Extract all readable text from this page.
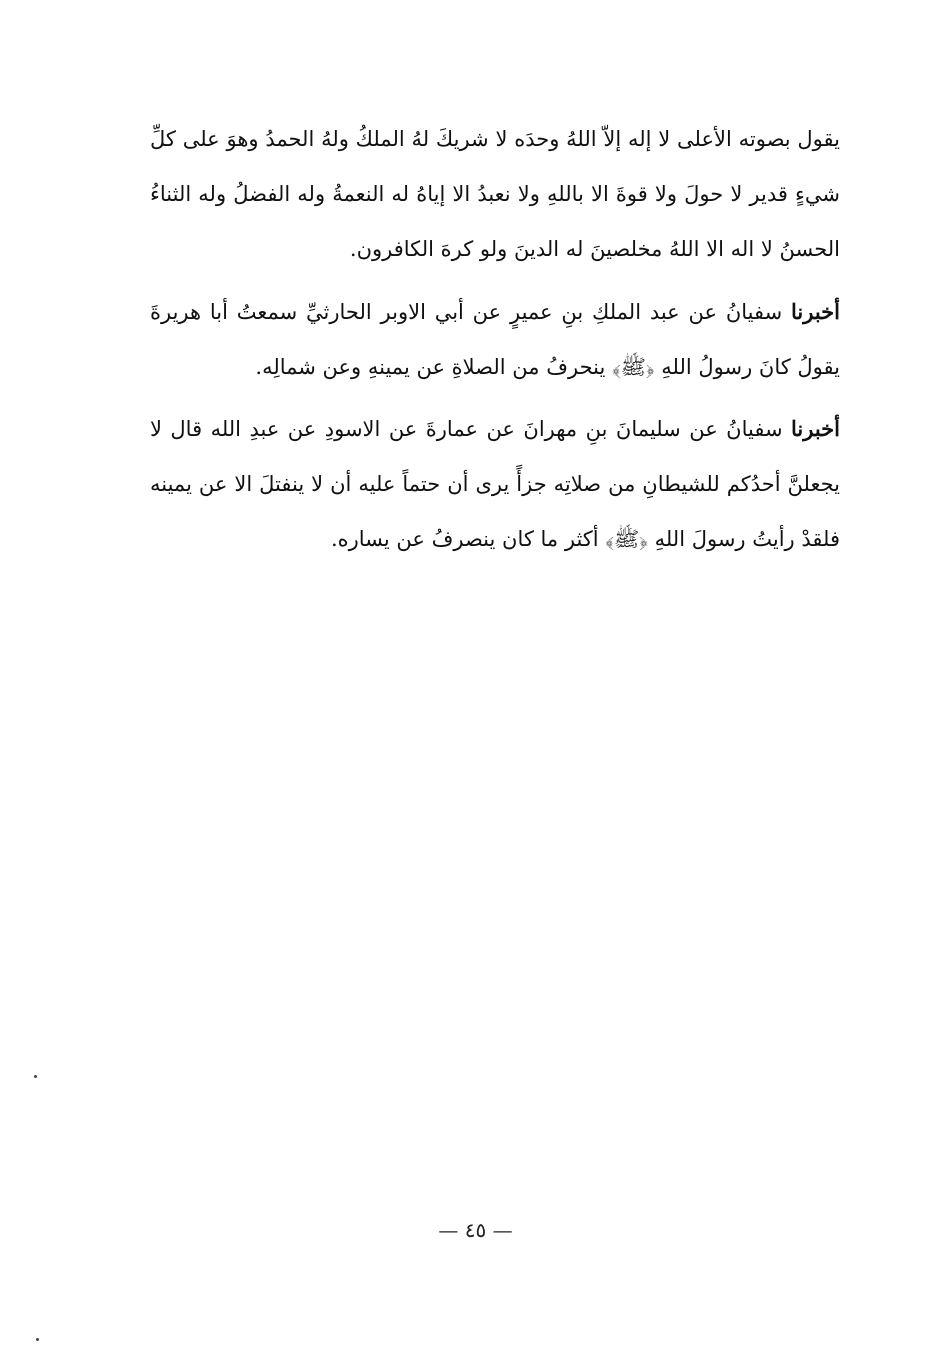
يقول بصوته الأعلى لا إله إلاّ اللهُ وحدَه لا شريكَ لهُ الملكُ ولهُ الحمدُ وهوَ على كلِّ شيءٍ قدير لا حولَ ولا قوةَ الا باللهِ ولا نعبدُ الا إياهُ له النعمةُ وله الفضلُ وله الثناءُ الحسنُ لا اله الا اللهُ مخلصينَ له الدينَ ولو كرهَ الكافرون.

أخبرنا سفيانُ عن عبد الملكِ بنِ عميرٍ عن أبي الاوبر الحارثيِّ سمعتُ أبا هريرةَ يقولُ كانَ رسولُ اللهِ ﴿ﷺ﴾ ينحرفُ من الصلاةِ عن يمينهِ وعن شمالِه.

أخبرنا سفيانُ عن سليمانَ بنِ مهرانَ عن عمارةَ عن الاسودِ عن عبدِ الله قال لا يجعلنَّ أحدُكم للشيطانِ من صلاتِه جزأً يرى أن حتماً عليه أن لا ينفتلَ الا عن يمينه فلقدْ رأيتُ رسولَ اللهِ ﴿ﷺ﴾ أكثر ما كان ينصرفُ عن يساره.

— ٤٥ —
